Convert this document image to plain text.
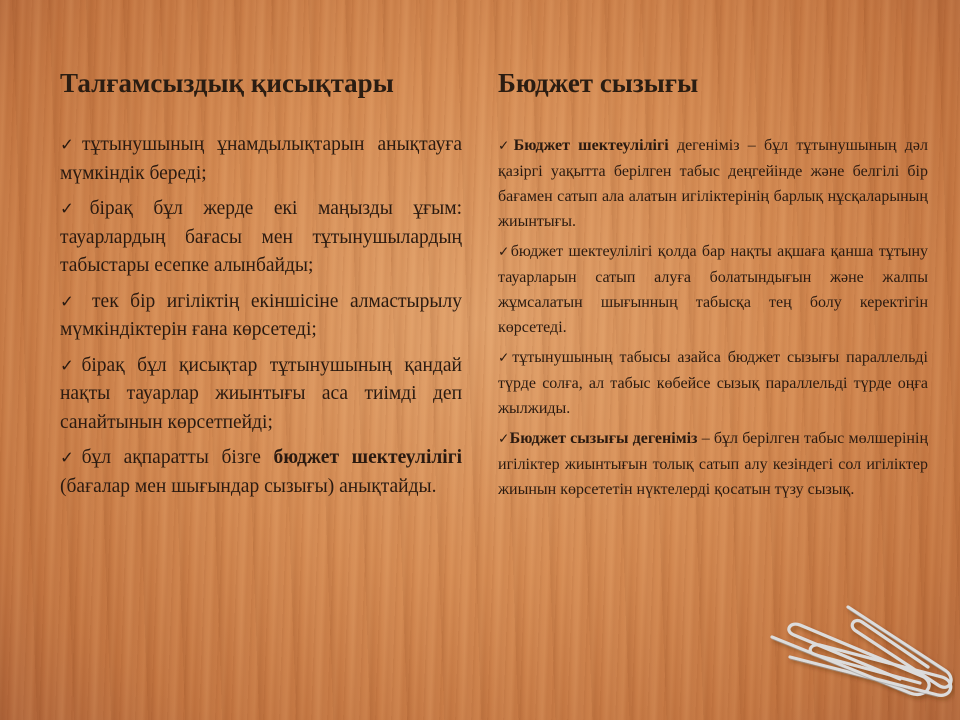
Талғамсыздық қисықтары
✓тұтынушының ұнамдылықтарын анықтауға мүмкіндік береді;
✓бірақ бұл жерде екі маңызды ұғым: тауарлардың бағасы мен тұтынушылардың табыстары есепке алынбайды;
✓ тек бір игіліктің екіншісіне алмастырылу мүмкіндіктерін ғана көрсетеді;
✓бірақ бұл қисықтар тұтынушының қандай нақты тауарлар жиынтығы аса тиімді деп санайтынын көрсетпейді;
✓бұл ақпаратты бізге бюджет шектеулілігі (бағалар мен шығындар сызығы) анықтайды.
Бюджет сызығы
✓Бюджет шектеулілігі дегеніміз – бұл тұтынушының дәл қазіргі уақытта берілген табыс деңгейінде және белгілі бір бағамен сатып ала алатын игіліктерінің барлық нұсқаларының жиынтығы.
✓бюджет шектеулілігі қолда бар нақты ақшаға қанша тұтыну тауарларын сатып алуға болатындығын және жалпы жұмсалатын шығынның табысқа тең болу керектігін көрсетеді.
✓тұтынушының табысы азайса бюджет сызығы параллельді түрде солға, ал табыс көбейсе сызық параллельді түрде оңға жылжиды.
✓Бюджет сызығы дегеніміз – бұл берілген табыс мөлшерінің игіліктер жиынтығын толық сатып алу кезіндегі сол игіліктер жиынын көрсететін нүктелерді қосатын түзу сызық.
